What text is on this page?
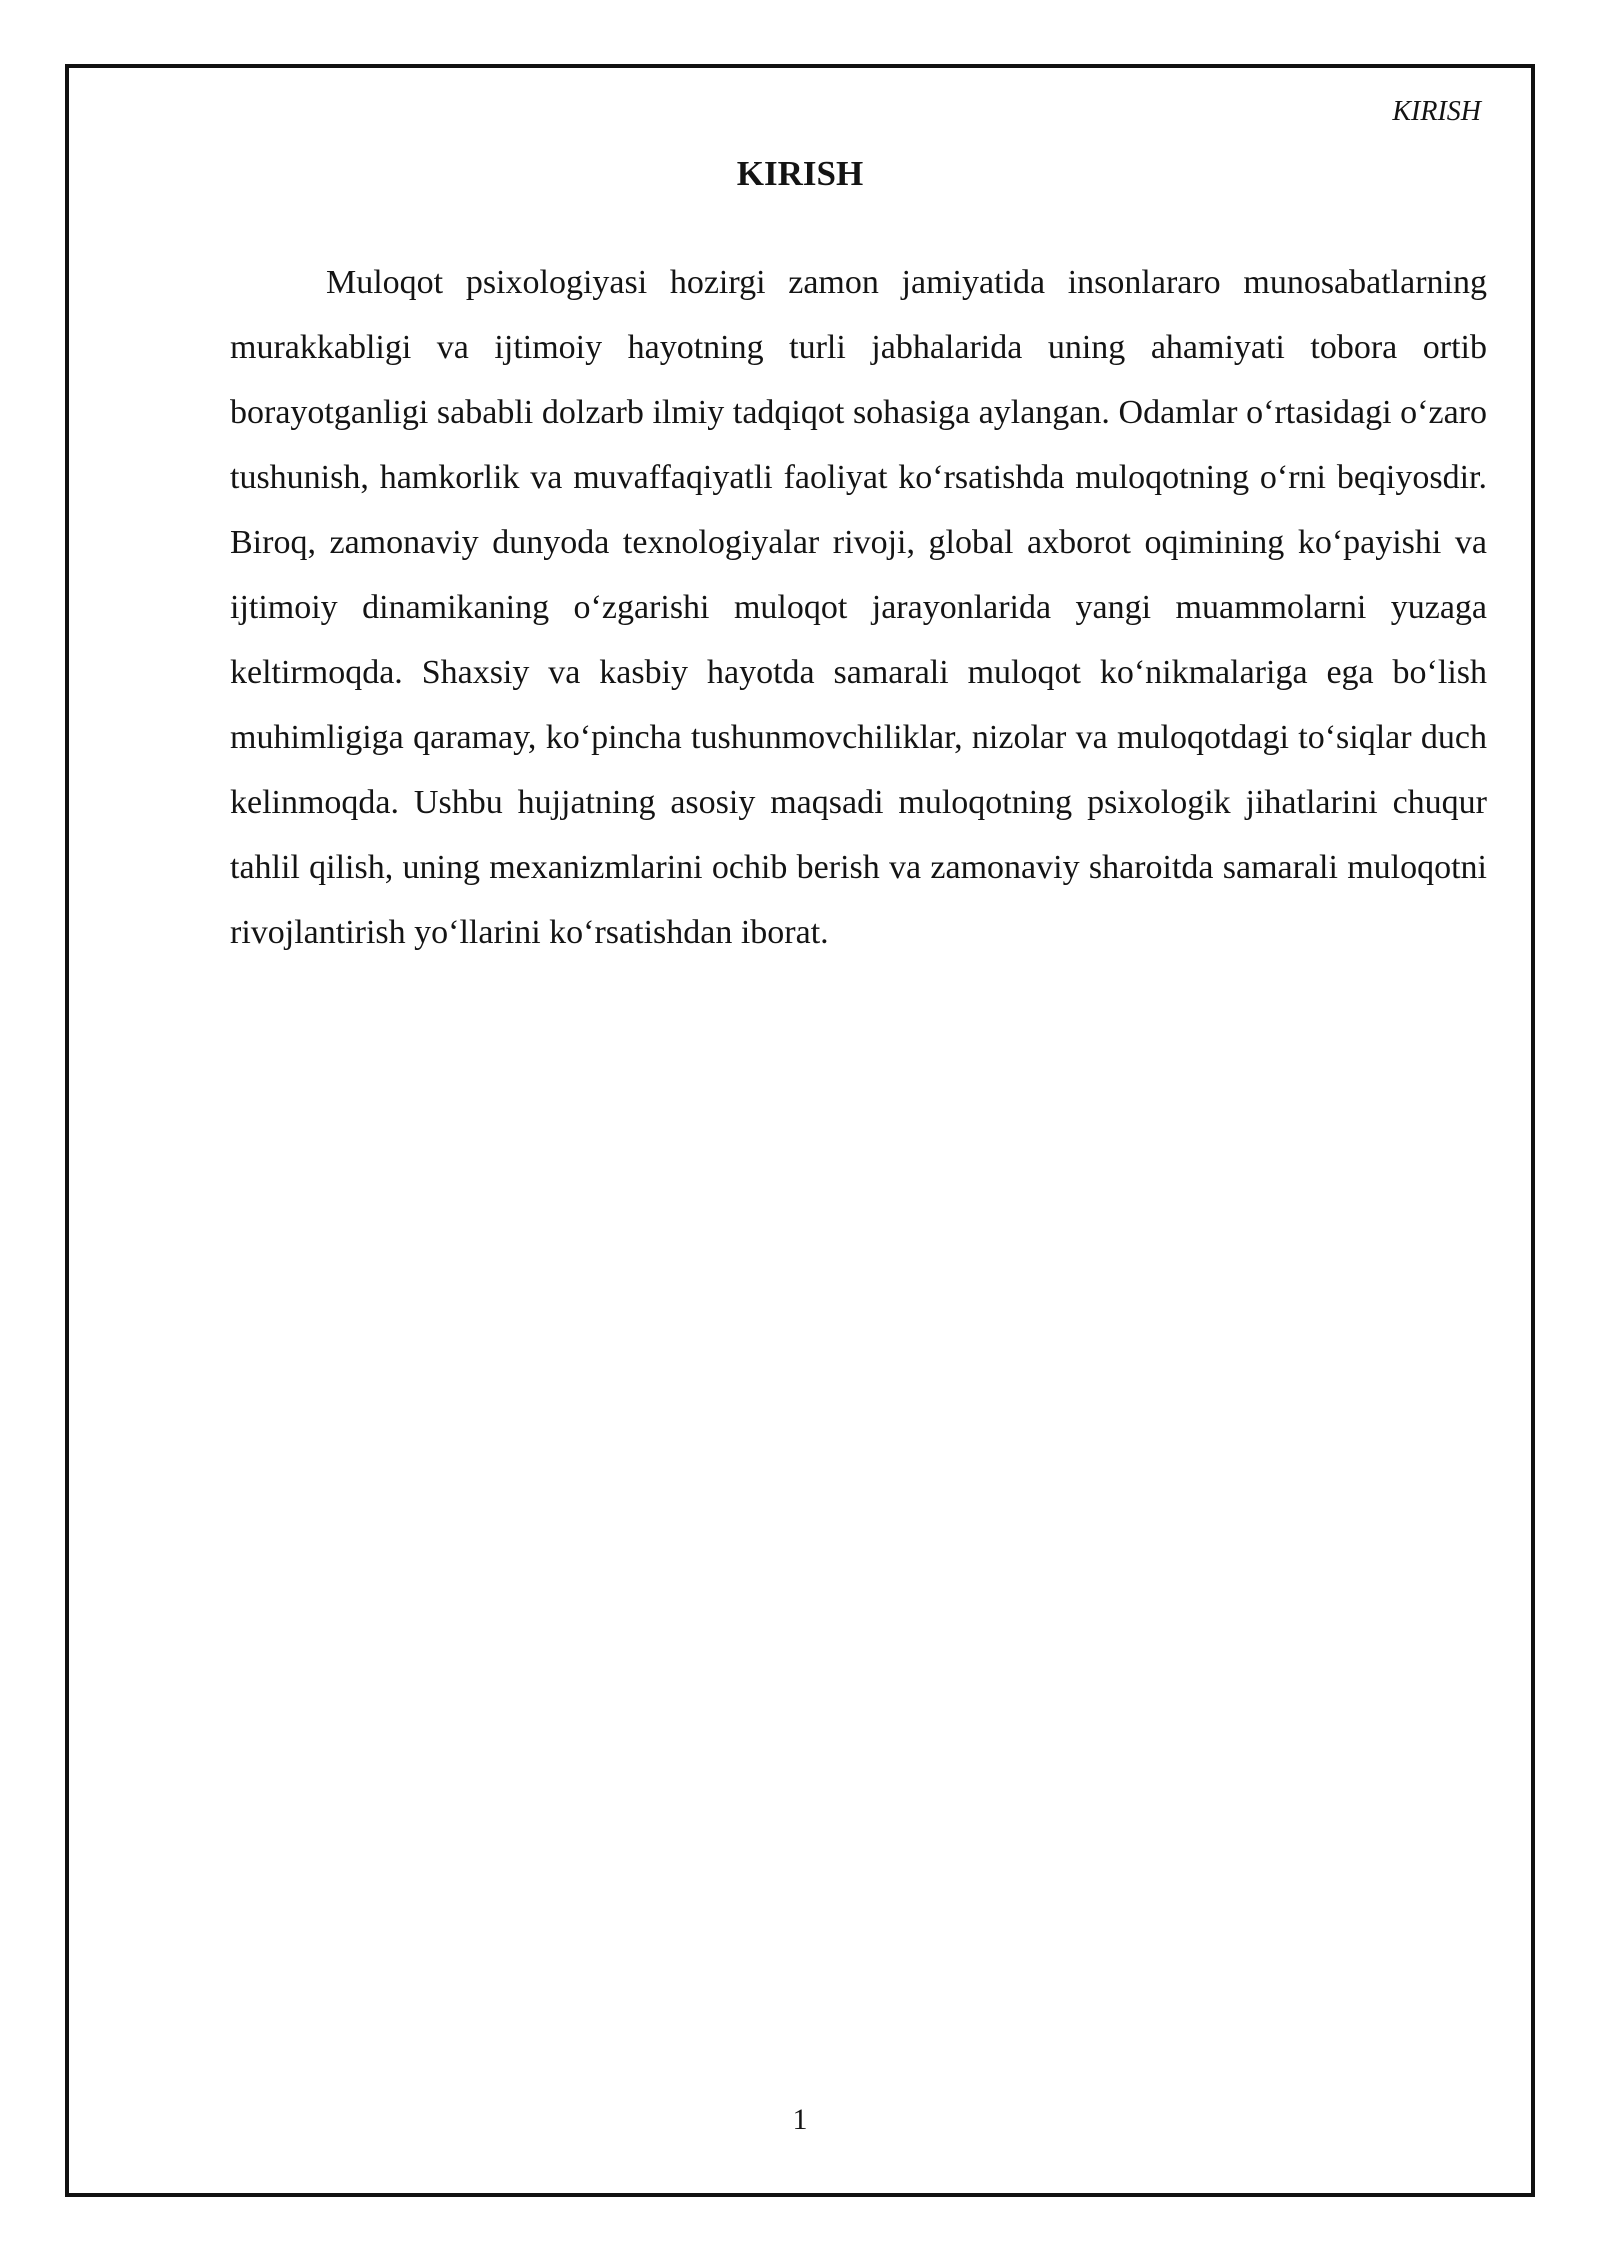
KIRISH
KIRISH

Muloqot psixologiyasi hozirgi zamon jamiyatida insonlararo munosabatlarning murakkabligi va ijtimoiy hayotning turli jabhalarida uning ahamiyati tobora ortib borayotganligi sababli dolzarb ilmiy tadqiqot sohasiga aylangan. Odamlar oʻrtasidagi oʻzaro tushunish, hamkorlik va muvaffaqiyatli faoliyat koʻrsatishda muloqotning oʻrni beqiyosdir. Biroq, zamonaviy dunyoda texnologiyalar rivoji, global axborot oqimining koʻpayishi va ijtimoiy dinamikaning oʻzgarishi muloqot jarayonlarida yangi muammolarni yuzaga keltirmoqda. Shaxsiy va kasbiy hayotda samarali muloqot koʻnikmalariga ega boʻlish muhimligiga qaramay, koʻpincha tushunmovchiliklar, nizolar va muloqotdagi toʻsiqlar duch kelinmoqda. Ushbu hujjatning asosiy maqsadi muloqotning psixologik jihatlarini chuqur tahlil qilish, uning mexanizmlarini ochib berish va zamonaviy sharoitda samarali muloqotni rivojlantirish yoʻllarini koʻrsatishdan iborat.

1
